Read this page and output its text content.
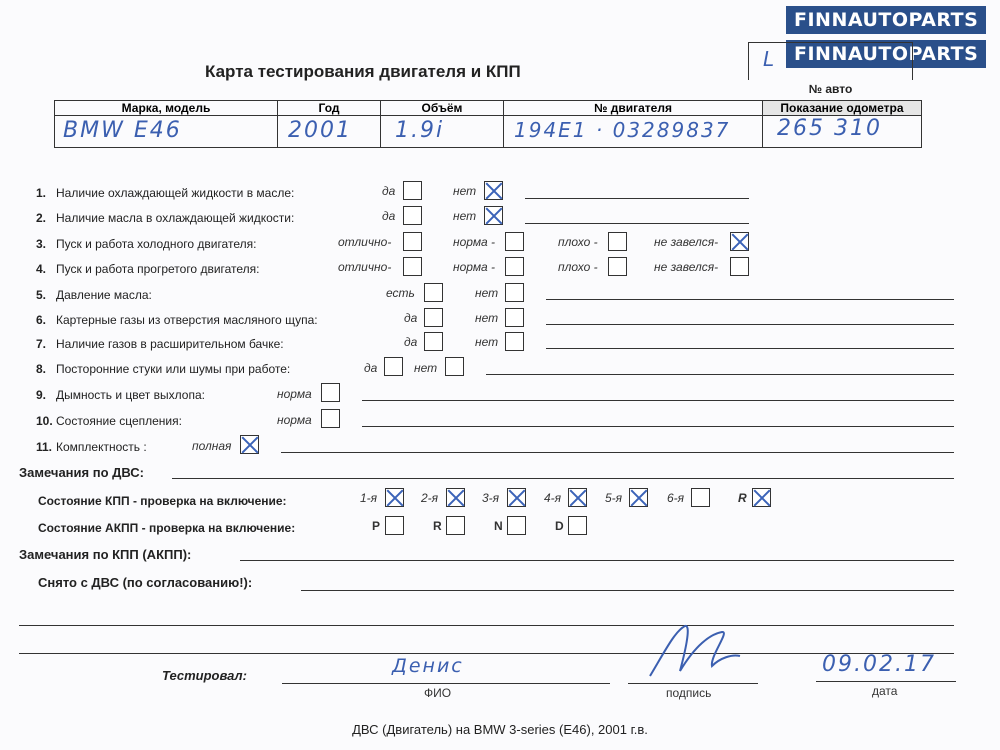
FINNAUTOPARTS
FINNAUTOPARTS
Карта тестирования двигателя и КПП
L
№ авто
Марка, модель	Год	Объём	№ двигателя	Показание одометра

BMW E46	2001	1.9i	194E1 · 03289837	265 310
1. Наличие охлаждающей жидкости в масле:	да	нет
2. Наличие масла в охлаждающей жидкости:	да	нет
3. Пуск и работа холодного двигателя:	отлично-	норма -	плохо -	не завелся-
4. Пуск и работа прогретого двигателя:	отлично-	норма -	плохо -	не завелся-
5. Давление масла:	есть	нет
6. Картерные газы из отверстия масляного щупа:	да	нет
7. Наличие газов в расширительном бачке:	да	нет
8. Посторонние стуки или шумы при работе:	да	нет
9. Дымность и цвет выхлопа:	норма
10. Состояние сцепления:	норма
11. Комплектность :	полная
Замечания по ДВС:
Состояние КПП - проверка на включение:	1-я	2-я	3-я	4-я	5-я	6-я	R
Состояние АКПП - проверка на включение:	P	R	N	D
Замечания по КПП (АКПП):
Снято с ДВС (по согласованию!):
Тестировал:	Денис
ФИО	подпись
09.02.17
дата
ДВС (Двигатель) на BMW 3-series (E46), 2001 г.в.
